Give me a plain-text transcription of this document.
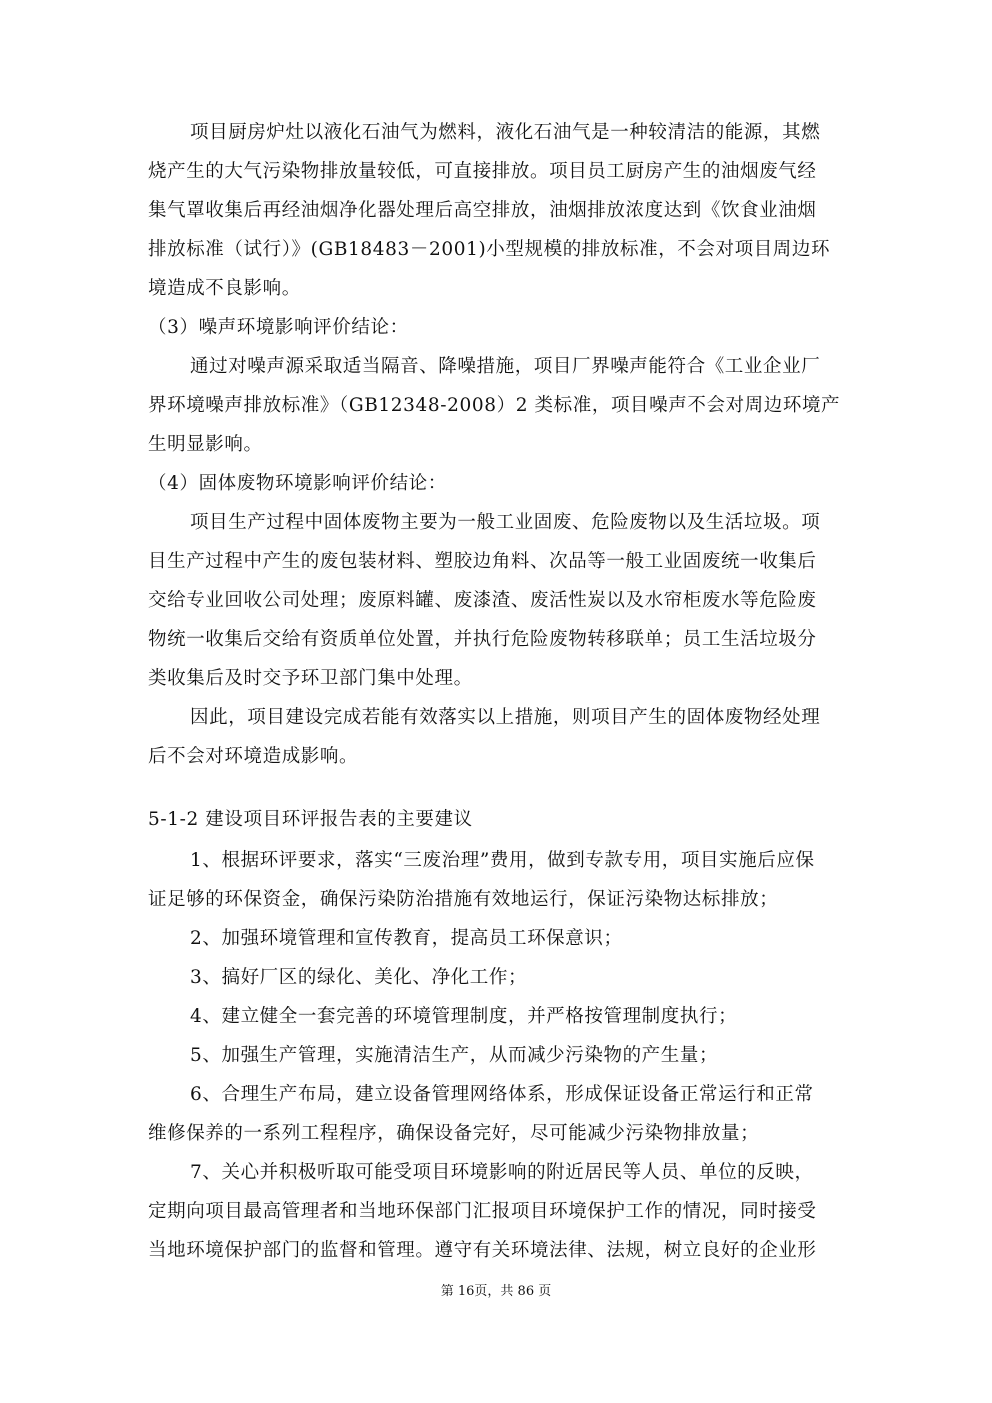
项目厨房炉灶以液化石油气为燃料，液化石油气是一种较清洁的能源，其燃
烧产生的大气污染物排放量较低，可直接排放。项目员工厨房产生的油烟废气经
集气罩收集后再经油烟净化器处理后高空排放，油烟排放浓度达到《饮食业油烟
排放标准（试行）》(GB18483－2001)小型规模的排放标准，不会对项目周边环
境造成不良影响。
（3）噪声环境影响评价结论：
通过对噪声源采取适当隔音、降噪措施，项目厂界噪声能符合《工业企业厂
界环境噪声排放标准》（GB12348-2008）2 类标准，项目噪声不会对周边环境产
生明显影响。
（4）固体废物环境影响评价结论：
项目生产过程中固体废物主要为一般工业固废、危险废物以及生活垃圾。项
目生产过程中产生的废包装材料、塑胶边角料、次品等一般工业固废统一收集后
交给专业回收公司处理；废原料罐、废漆渣、废活性炭以及水帘柜废水等危险废
物统一收集后交给有资质单位处置，并执行危险废物转移联单；员工生活垃圾分
类收集后及时交予环卫部门集中处理。
因此，项目建设完成若能有效落实以上措施，则项目产生的固体废物经处理
后不会对环境造成影响。
5-1-2 建设项目环评报告表的主要建议
1、根据环评要求，落实“三废治理”费用，做到专款专用，项目实施后应保
证足够的环保资金，确保污染防治措施有效地运行，保证污染物达标排放；
2、加强环境管理和宣传教育，提高员工环保意识；
3、搞好厂区的绿化、美化、净化工作；
4、建立健全一套完善的环境管理制度，并严格按管理制度执行；
5、加强生产管理，实施清洁生产，从而减少污染物的产生量；
6、合理生产布局，建立设备管理网络体系，形成保证设备正常运行和正常
维修保养的一系列工程程序，确保设备完好，尽可能减少污染物排放量；
7、关心并积极听取可能受项目环境影响的附近居民等人员、单位的反映，
定期向项目最高管理者和当地环保部门汇报项目环境保护工作的情况，同时接受
当地环境保护部门的监督和管理。遵守有关环境法律、法规，树立良好的企业形
第 16页，共 86 页
